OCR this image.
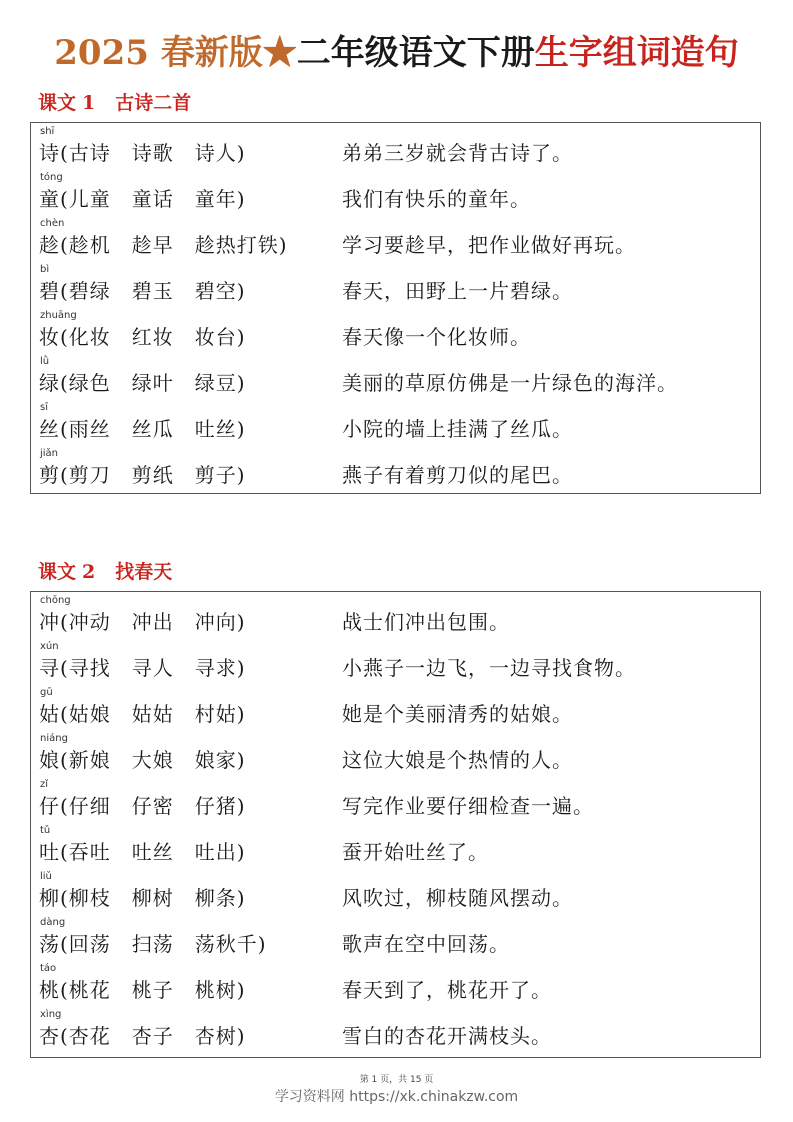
2025 春新版★二年级语文下册生字组词造句
课文 1 古诗二首
shī
诗(古诗　诗歌　诗人)	弟弟三岁就会背古诗了。
tóng
童(儿童　童话　童年)	我们有快乐的童年。
chèn
趁(趁机　趁早　趁热打铁)	学习要趁早，把作业做好再玩。
bì
碧(碧绿　碧玉　碧空)	春天，田野上一片碧绿。
zhuāng
妆(化妆　红妆　妆台)	春天像一个化妆师。
lǜ
绿(绿色　绿叶　绿豆)	美丽的草原仿佛是一片绿色的海洋。
sī
丝(雨丝　丝瓜　吐丝)	小院的墙上挂满了丝瓜。
jiǎn
剪(剪刀　剪纸　剪子)	燕子有着剪刀似的尾巴。
课文 2 找春天
chōng
冲(冲动　冲出　冲向)	战士们冲出包围。
xún
寻(寻找　寻人　寻求)	小燕子一边飞，一边寻找食物。
gū
姑(姑娘　姑姑　村姑)	她是个美丽清秀的姑娘。
niáng
娘(新娘　大娘　娘家)	这位大娘是个热情的人。
zǐ
仔(仔细　仔密　仔猪)	写完作业要仔细检查一遍。
tǔ
吐(吞吐　吐丝　吐出)	蚕开始吐丝了。
liǔ
柳(柳枝　柳树　柳条)	风吹过，柳枝随风摆动。
dàng
荡(回荡　扫荡　荡秋千)	歌声在空中回荡。
táo
桃(桃花　桃子　桃树)	春天到了，桃花开了。
xìng
杏(杏花　杏子　杏树)	雪白的杏花开满枝头。
第 1 页，共 15 页
学习资料网 https://xk.chinakzw.com
